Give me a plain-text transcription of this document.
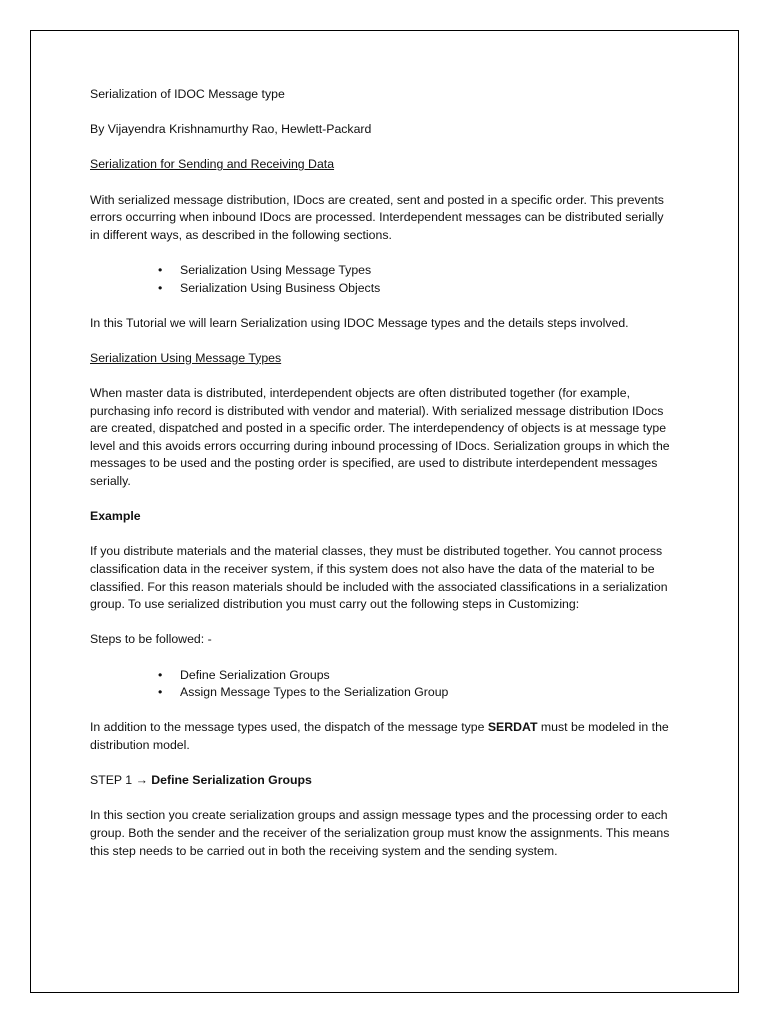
Serialization of IDOC Message type

By Vijayendra Krishnamurthy Rao, Hewlett-Packard

Serialization for Sending and Receiving Data

With serialized message distribution, IDocs are created, sent and posted in a specific order. This prevents errors occurring when inbound IDocs are processed. Interdependent messages can be distributed serially in different ways, as described in the following sections.

• Serialization Using Message Types
• Serialization Using Business Objects

In this Tutorial we will learn Serialization using IDOC Message types and the details steps involved.

Serialization Using Message Types

When master data is distributed, interdependent objects are often distributed together (for example, purchasing info record is distributed with vendor and material). With serialized message distribution IDocs are created, dispatched and posted in a specific order. The interdependency of objects is at message type level and this avoids errors occurring during inbound processing of IDocs. Serialization groups in which the messages to be used and the posting order is specified, are used to distribute interdependent messages serially.

Example

If you distribute materials and the material classes, they must be distributed together. You cannot process classification data in the receiver system, if this system does not also have the data of the material to be classified. For this reason materials should be included with the associated classifications in a serialization group. To use serialized distribution you must carry out the following steps in Customizing:

Steps to be followed: -

• Define Serialization Groups
• Assign Message Types to the Serialization Group

In addition to the message types used, the dispatch of the message type SERDAT must be modeled in the distribution model.

STEP 1 → Define Serialization Groups

In this section you create serialization groups and assign message types and the processing order to each group. Both the sender and the receiver of the serialization group must know the assignments. This means this step needs to be carried out in both the receiving system and the sending system.
